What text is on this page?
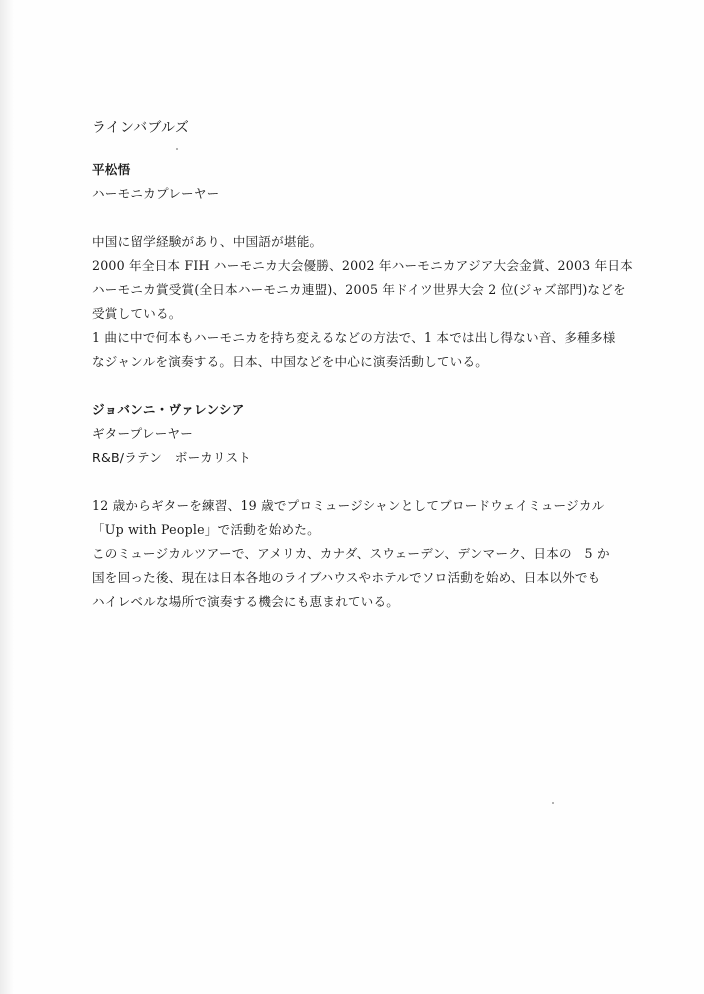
ラインバブルズ
平松悟
ハーモニカプレーヤー
中国に留学経験があり、中国語が堪能。
2000 年全日本 FIH ハーモニカ大会優勝、2002 年ハーモニカアジア大会金賞、2003 年日本
ハーモニカ賞受賞(全日本ハーモニカ連盟)、2005 年ドイツ世界大会 2 位(ジャズ部門)などを
受賞している。
1 曲に中で何本もハーモニカを持ち変えるなどの方法で、1 本では出し得ない音、多種多様
なジャンルを演奏する。日本、中国などを中心に演奏活動している。
ジョバンニ・ヴァレンシア
ギタープレーヤー
R&B/ラテン　ボーカリスト
12 歳からギターを練習、19 歳でプロミュージシャンとしてブロードウェイミュージカル
「Up with People」で活動を始めた。
このミュージカルツアーで、アメリカ、カナダ、スウェーデン、デンマーク、日本の　5 か
国を回った後、現在は日本各地のライブハウスやホテルでソロ活動を始め、日本以外でも
ハイレベルな場所で演奏する機会にも恵まれている。
